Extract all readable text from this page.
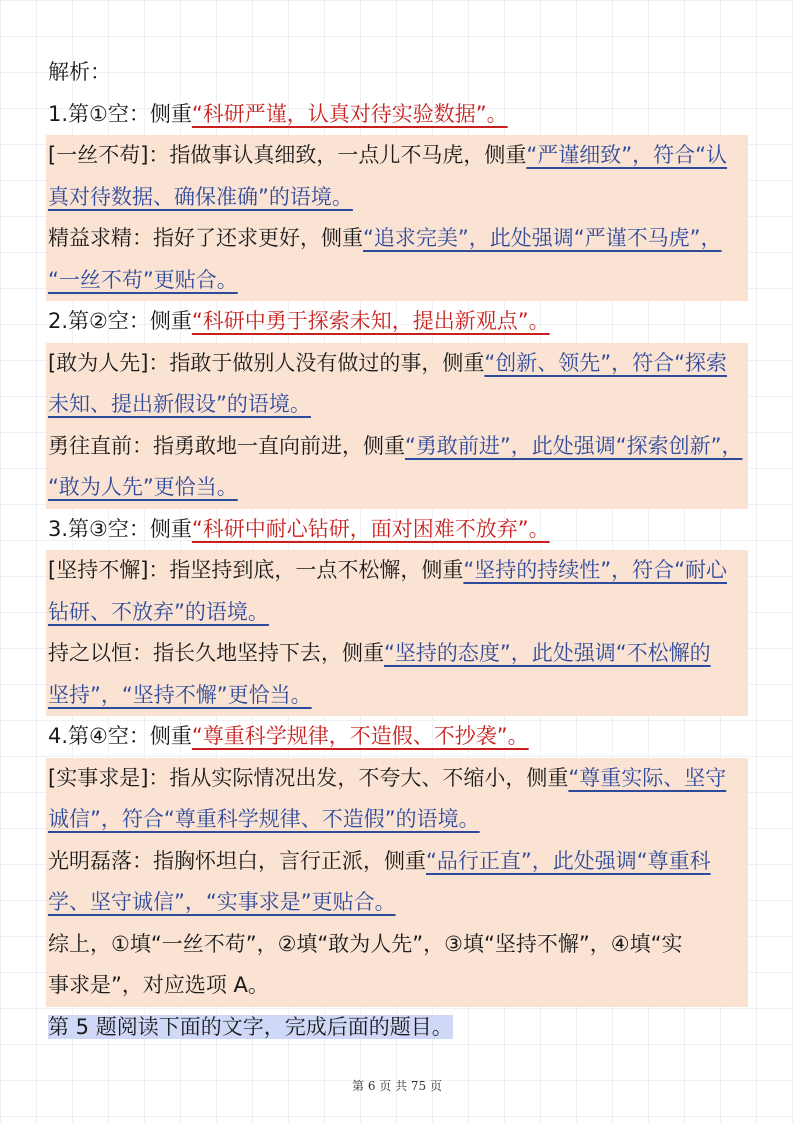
解析：
1.第①空：侧重“科研严谨，认真对待实验数据”。
[一丝不苟]：指做事认真细致，一点儿不马虎，侧重“严谨细致”，符合“认
真对待数据、确保准确”的语境。
精益求精：指好了还求更好，侧重“追求完美”，此处强调“严谨不马虎”，
“一丝不苟”更贴合。
2.第②空：侧重“科研中勇于探索未知，提出新观点”。
[敢为人先]：指敢于做别人没有做过的事，侧重“创新、领先”，符合“探索
未知、提出新假设”的语境。
勇往直前：指勇敢地一直向前进，侧重“勇敢前进”，此处强调“探索创新”，
“敢为人先”更恰当。
3.第③空：侧重“科研中耐心钻研，面对困难不放弃”。
[坚持不懈]：指坚持到底，一点不松懈，侧重“坚持的持续性”，符合“耐心
钻研、不放弃”的语境。
持之以恒：指长久地坚持下去，侧重“坚持的态度”，此处强调“不松懈的
坚持”，“坚持不懈”更恰当。
4.第④空：侧重“尊重科学规律，不造假、不抄袭”。
[实事求是]：指从实际情况出发，不夸大、不缩小，侧重“尊重实际、坚守
诚信”，符合“尊重科学规律、不造假”的语境。
光明磊落：指胸怀坦白，言行正派，侧重“品行正直”，此处强调“尊重科
学、坚守诚信”，“实事求是”更贴合。
综上，①填“一丝不苟”，②填“敢为人先”，③填“坚持不懈”，④填“实
事求是”，对应选项 A。
第 5 题阅读下面的文字，完成后面的题目。
第 6 页 共 75 页
